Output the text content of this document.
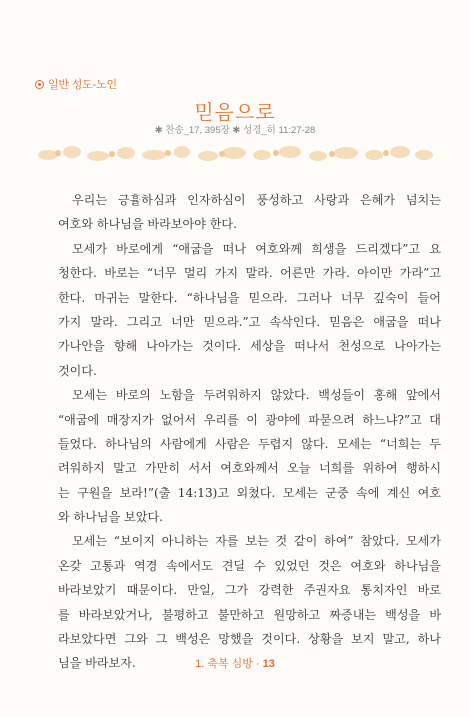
일반 성도-노인
믿음으로
✱ 찬송_17, 395장 ✱ 성경_히 11:27-28
우리는 긍휼하심과 인자하심이 풍성하고 사랑과 은혜가 넘치는
여호와 하나님을 바라보아야 한다.
모세가 바로에게 “애굽을 떠나 여호와께 희생을 드리겠다”고 요
청한다. 바로는 “너무 멀리 가지 말라. 어른만 가라. 아이만 가라”고
한다. 마귀는 말한다. “하나님을 믿으라. 그러나 너무 깊숙이 들어
가지 말라. 그리고 너만 믿으라.”고 속삭인다. 믿음은 애굽을 떠나
가나안을 향해 나아가는 것이다. 세상을 떠나서 천성으로 나아가는
것이다.
모세는 바로의 노함을 두려워하지 않았다. 백성들이 홍해 앞에서
“애굽에 매장지가 없어서 우리를 이 광야에 파묻으려 하느냐?”고 대
들었다. 하나님의 사람에게 사람은 두렵지 않다. 모세는 “너희는 두
려워하지 말고 가만히 서서 여호와께서 오늘 너희를 위하여 행하시
는 구원을 보라!”(출 14:13)고 외쳤다. 모세는 군중 속에 계신 여호
와 하나님을 보았다.
모세는 “보이지 아니하는 자를 보는 것 같이 하여” 참았다. 모세가
온갖 고통과 역경 속에서도 견딜 수 있었던 것은 여호와 하나님을
바라보았기 때문이다. 만일, 그가 강력한 주권자요 통치자인 바로
를 바라보았거나, 불평하고 불만하고 원망하고 짜증내는 백성을 바
라보았다면 그와 그 백성은 망했을 것이다. 상황을 보지 말고, 하나
님을 바라보자.	1. 축복 심방 · 13
